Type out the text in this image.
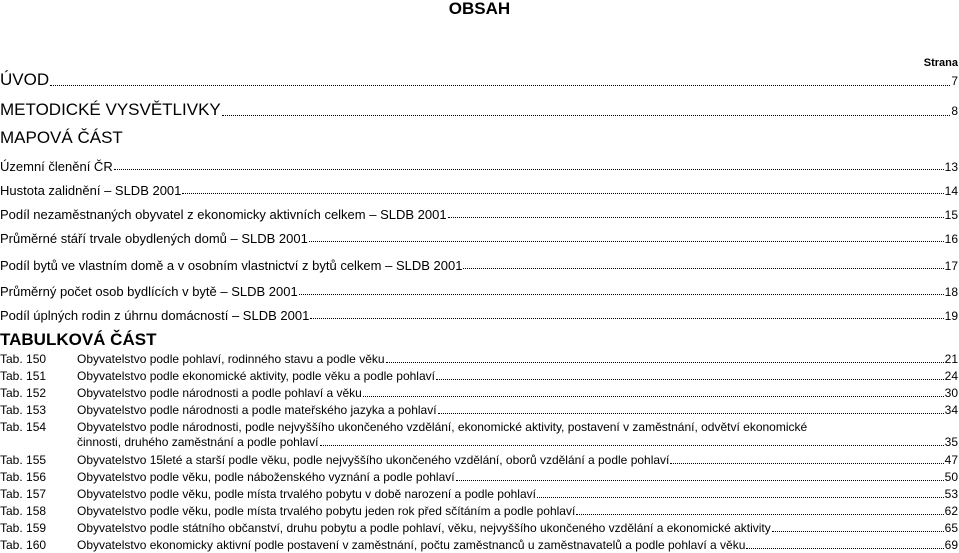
OBSAH
Strana
ÚVOD	7
METODICKÉ VYSVĚTLIVKY	8
MAPOVÁ ČÁST
Územní členění ČR	13
Hustota zalidnění – SLDB 2001	14
Podíl nezaměstnaných obyvatel z ekonomicky aktivních celkem – SLDB 2001	15
Průměrné stáří trvale obydlených domů – SLDB 2001	16
Podíl bytů ve vlastním domě a v osobním vlastnictví z bytů celkem – SLDB 2001	17
Průměrný počet osob bydlících v bytě – SLDB 2001	18
Podíl úplných rodin z úhrnu domácností – SLDB 2001	19
TABULKOVÁ ČÁST
Tab. 150	Obyvatelstvo podle pohlaví, rodinného stavu a podle věku	21
Tab. 151	Obyvatelstvo podle ekonomické aktivity, podle věku a podle pohlaví	24
Tab. 152	Obyvatelstvo podle národnosti a podle pohlaví a věku	30
Tab. 153	Obyvatelstvo podle národnosti a podle mateřského jazyka a pohlaví	34
Tab. 154	Obyvatelstvo podle národnosti, podle nejvyššího ukončeného vzdělání, ekonomické aktivity, postavení v zaměstnání, odvětví ekonomické
činnosti, druhého zaměstnání a podle pohlaví	35
Tab. 155	Obyvatelstvo 15leté a starší podle věku, podle nejvyššího ukončeného vzdělání, oborů vzdělání a podle pohlaví	47
Tab. 156	Obyvatelstvo podle věku, podle náboženského vyznání a podle pohlaví	50
Tab. 157	Obyvatelstvo podle věku, podle místa trvalého pobytu v době narození a podle pohlaví	53
Tab. 158	Obyvatelstvo podle věku, podle místa trvalého pobytu jeden rok před sčítáním a podle pohlaví	62
Tab. 159	Obyvatelstvo podle státního občanství, druhu pobytu a podle pohlaví, věku, nejvyššího ukončeného vzdělání a ekonomické aktivity	65
Tab. 160	Obyvatelstvo ekonomicky aktivní podle postavení v zaměstnání, počtu zaměstnanců u zaměstnavatelů a podle pohlaví a věku	69
